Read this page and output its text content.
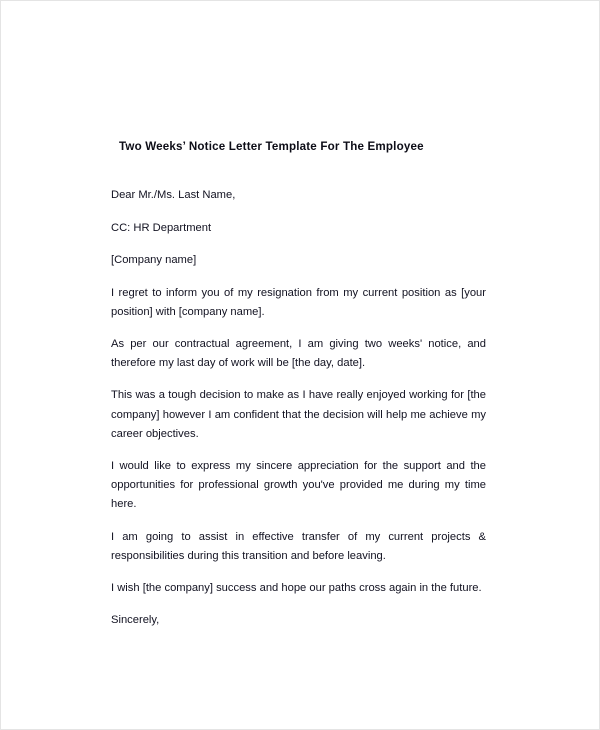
Two Weeks’ Notice Letter Template For The Employee

Dear Mr./Ms. Last Name,

CC: HR Department

[Company name]

I regret to inform you of my resignation from my current position as [your position] with [company name].

As per our contractual agreement, I am giving two weeks' notice, and therefore my last day of work will be [the day, date].

This was a tough decision to make as I have really enjoyed working for [the company] however I am confident that the decision will help me achieve my career objectives.

I would like to express my sincere appreciation for the support and the opportunities for professional growth you've provided me during my time here.

I am going to assist in effective transfer of my current projects & responsibilities during this transition and before leaving.

I wish [the company] success and hope our paths cross again in the future.

Sincerely,
